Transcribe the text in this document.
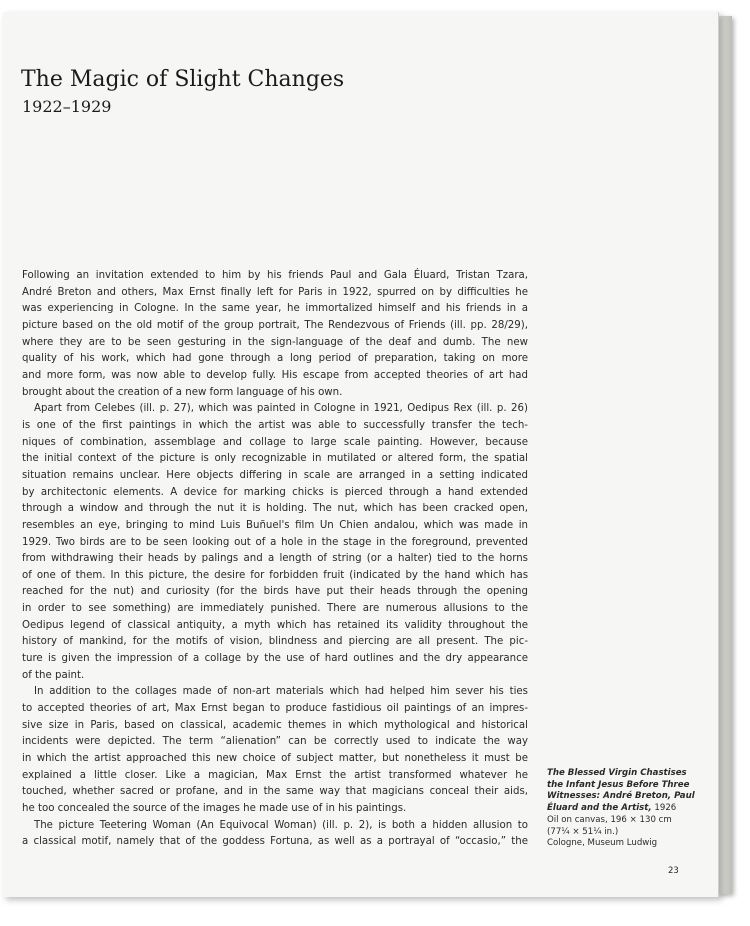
The Magic of Slight Changes
1922–1929
Following an invitation extended to him by his friends Paul and Gala Éluard, Tristan Tzara,
André Breton and others, Max Ernst finally left for Paris in 1922, spurred on by difficulties he
was experiencing in Cologne. In the same year, he immortalized himself and his friends in a
picture based on the old motif of the group portrait, The Rendezvous of Friends (ill. pp. 28/29),
where they are to be seen gesturing in the sign-language of the deaf and dumb. The new
quality of his work, which had gone through a long period of preparation, taking on more
and more form, was now able to develop fully. His escape from accepted theories of art had
brought about the creation of a new form language of his own.
Apart from Celebes (ill. p. 27), which was painted in Cologne in 1921, Oedipus Rex (ill. p. 26)
is one of the first paintings in which the artist was able to successfully transfer the tech-
niques of combination, assemblage and collage to large scale painting. However, because
the initial context of the picture is only recognizable in mutilated or altered form, the spatial
situation remains unclear. Here objects differing in scale are arranged in a setting indicated
by architectonic elements. A device for marking chicks is pierced through a hand extended
through a window and through the nut it is holding. The nut, which has been cracked open,
resembles an eye, bringing to mind Luis Buñuel's film Un Chien andalou, which was made in
1929. Two birds are to be seen looking out of a hole in the stage in the foreground, prevented
from withdrawing their heads by palings and a length of string (or a halter) tied to the horns
of one of them. In this picture, the desire for forbidden fruit (indicated by the hand which has
reached for the nut) and curiosity (for the birds have put their heads through the opening
in order to see something) are immediately punished. There are numerous allusions to the
Oedipus legend of classical antiquity, a myth which has retained its validity throughout the
history of mankind, for the motifs of vision, blindness and piercing are all present. The pic-
ture is given the impression of a collage by the use of hard outlines and the dry appearance
of the paint.
In addition to the collages made of non-art materials which had helped him sever his ties
to accepted theories of art, Max Ernst began to produce fastidious oil paintings of an impres-
sive size in Paris, based on classical, academic themes in which mythological and historical
incidents were depicted. The term “alienation” can be correctly used to indicate the way
in which the artist approached this new choice of subject matter, but nonetheless it must be
explained a little closer. Like a magician, Max Ernst the artist transformed whatever he
touched, whether sacred or profane, and in the same way that magicians conceal their aids,
he too concealed the source of the images he made use of in his paintings.
The picture Teetering Woman (An Equivocal Woman) (ill. p. 2), is both a hidden allusion to
a classical motif, namely that of the goddess Fortuna, as well as a portrayal of “occasio,” the
The Blessed Virgin Chastises
the Infant Jesus Before Three
Witnesses: André Breton, Paul
Éluard and the Artist, 1926
Oil on canvas, 196 × 130 cm
(77¼ × 51¼ in.)
Cologne, Museum Ludwig
23
